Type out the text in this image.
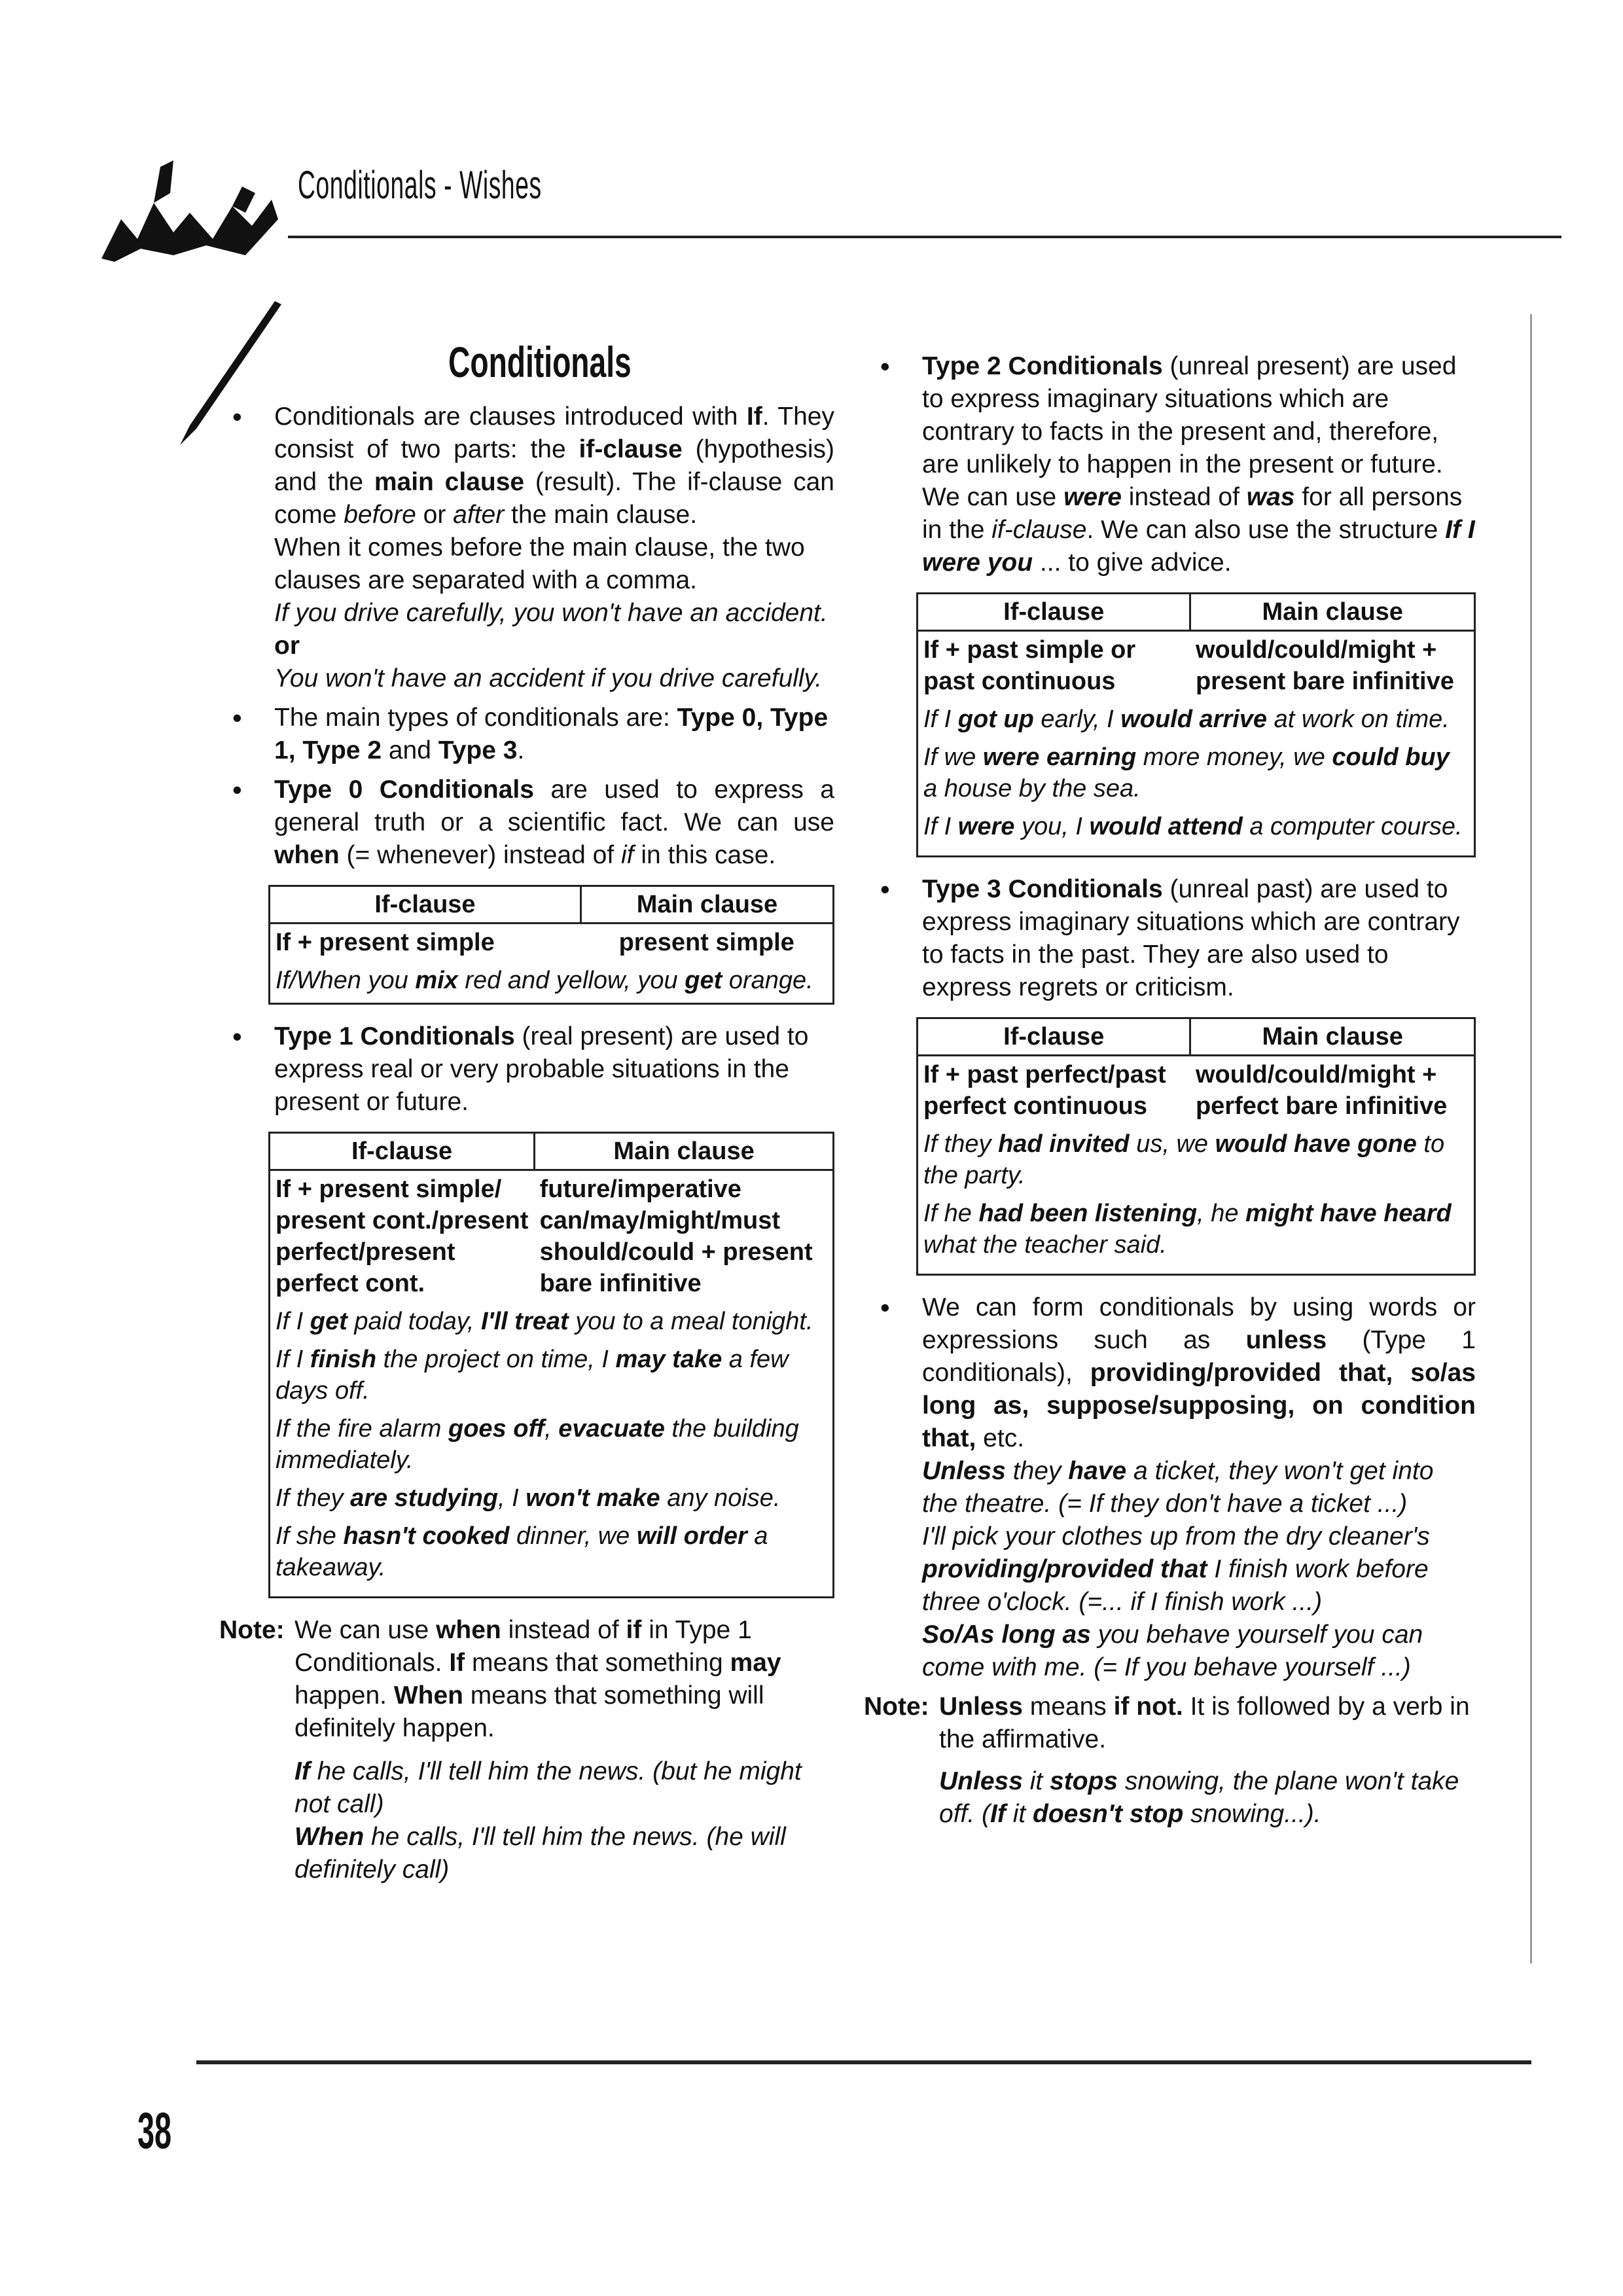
Conditionals - Wishes
Conditionals

• Conditionals are clauses introduced with If. They consist of two parts: the if-clause (hypothesis) and the main clause (result). The if-clause can come before or after the main clause.

When it comes before the main clause, the two clauses are separated with a comma.

If you drive carefully, you won't have an accident.

or

You won't have an accident if you drive carefully.

• The main types of conditionals are: Type 0, Type 1, Type 2 and Type 3.

• Type 0 Conditionals are used to express a general truth or a scientific fact. We can use when (= whenever) instead of if in this case.

If-clause	Main clause
If + present simple	present simple
If/When you mix red and yellow, you get orange.	

• Type 1 Conditionals (real present) are used to express real or very probable situations in the present or future.

If-clause	Main clause
If + present simple/ present cont./present perfect/present perfect cont.	future/imperative can/may/might/must should/could + present bare infinitive

If I get paid today, I'll treat you to a meal tonight.

If I finish the project on time, I may take a few days off.

If the fire alarm goes off, evacuate the building immediately.

If they are studying, I won't make any noise.

If she hasn't cooked dinner, we will order a takeaway.	

Note: We can use when instead of if in Type 1 Conditionals. If means that something may happen. When means that something will definitely happen.

If he calls, I'll tell him the news. (but he might not call)

When he calls, I'll tell him the news. (he will definitely call)

• Type 2 Conditionals (unreal present) are used to express imaginary situations which are contrary to facts in the present and, therefore, are unlikely to happen in the present or future. We can use were instead of was for all persons in the if-clause. We can also use the structure If I were you ... to give advice.

If-clause	Main clause
If + past simple or past continuous	would/could/might + present bare infinitive

If I got up early, I would arrive at work on time.

If we were earning more money, we could buy a house by the sea.

If I were you, I would attend a computer course.	

• Type 3 Conditionals (unreal past) are used to express imaginary situations which are contrary to facts in the past. They are also used to express regrets or criticism.

If-clause	Main clause
If + past perfect/past perfect continuous	would/could/might + perfect bare infinitive

If they had invited us, we would have gone to the party.

If he had been listening, he might have heard what the teacher said.	

• We can form conditionals by using words or expressions such as unless (Type 1 conditionals), providing/provided that, so/as long as, suppose/supposing, on condition that, etc.

Unless they have a ticket, they won't get into the theatre. (= If they don't have a ticket ...)

I'll pick your clothes up from the dry cleaner's providing/provided that I finish work before three o'clock. (=... if I finish work ...)

So/As long as you behave yourself you can come with me. (= If you behave yourself ...)

Note: Unless means if not. It is followed by a verb in the affirmative.

Unless it stops snowing, the plane won't take off. (If it doesn't stop snowing...).

38
